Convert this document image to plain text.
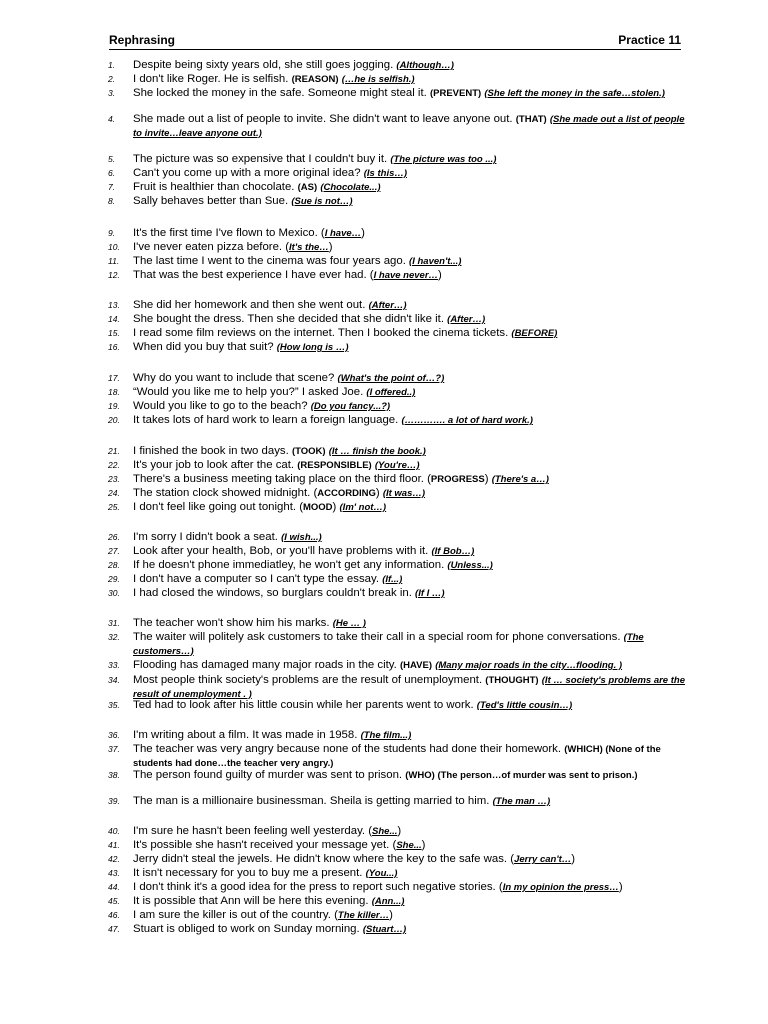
Rephrasing	Practice 11
1.	Despite being sixty years old, she still goes jogging. (Although…)
2.	I don't like Roger. He is selfish. (REASON) (…he is selfish.)
3.	She locked the money in the safe. Someone might steal it. (PREVENT) (She left the money in the safe…stolen.)
4.	She made out a list of people to invite. She didn't want to leave anyone out. (THAT) (She made out a list of people to invite…leave anyone out.)
5.	The picture was so expensive that I couldn't buy it. (The picture was too ...)
6.	Can't you come up with a more original idea? (Is this…)
7.	Fruit is healthier than chocolate. (AS) (Chocolate...)
8.	Sally behaves better than Sue. (Sue is not…)
9.	It's the first time I've flown to Mexico. (I have…)
10.	I've never eaten pizza before. (It's the…)
11.	The last time I went to the cinema was four years ago. (I haven't...)
12.	That was the best experience I have ever had. (I have never…)
13.	She did her homework and then she went out. (After…)
14.	She bought the dress. Then she decided that she didn't like it. (After…)
15.	I read some film reviews on the internet. Then I booked the cinema tickets. (BEFORE)
16.	When did you buy that suit? (How long is …)
17.	Why do you want to include that scene? (What's the point of…?)
18.	“Would you like me to help you?” I asked Joe. (I offered..)
19.	Would you like to go to the beach? (Do you fancy...?)
20.	It takes lots of hard work to learn a foreign language. (…………. a lot of hard work.)
21.	I finished the book in two days. (TOOK) (It … finish the book.)
22.	It's your job to look after the cat. (RESPONSIBLE) (You're…)
23.	There's a business meeting taking place on the third floor. (PROGRESS) (There's a…)
24.	The station clock showed midnight. (ACCORDING) (It was…)
25.	I don't feel like going out tonight. (MOOD) (Im' not…)
26.	I'm sorry I didn't book a seat. (I wish...)
27.	Look after your health, Bob, or you'll have problems with it. (If Bob…)
28.	If he doesn't phone immediatley, he won't get any information. (Unless...)
29.	I don't have a computer so I can't type the essay. (If...)
30.	I had closed the windows, so burglars couldn't break in. (If I …)
31.	The teacher won't show him his marks. (He … )
32.	The waiter will politely ask customers to take their call in a special room for phone conversations. (The customers…)
33.	Flooding has damaged many major roads in the city. (HAVE) (Many major roads in the city…flooding. )
34.	Most people think society's problems are the result of unemployment. (THOUGHT) (It … society's problems are the result of unemployment . )
35.	Ted had to look after his little cousin while her parents went to work. (Ted's little cousin…)
36.	I'm writing about a film. It was made in 1958. (The film...)
37.	The teacher was very angry because none of the students had done their homework. (WHICH) (None of the students had done…the teacher very angry.)
38.	The person found guilty of murder was sent to prison. (WHO) (The person…of murder was sent to prison.)
39.	The man is a millionaire businessman. Sheila is getting married to him. (The man …)
40.	I'm sure he hasn't been feeling well yesterday. (She...)
41.	It's possible she hasn't received your message yet. (She...)
42.	Jerry didn't steal the jewels. He didn't know where the key to the safe was. (Jerry can't…)
43.	It isn't necessary for you to buy me a present. (You...)
44.	I don't think it's a good idea for the press to report such negative stories. (In my opinion the press…)
45.	It is possible that Ann will be here this evening. (Ann...)
46.	I am sure the killer is out of the country. (The killer…)
47.	Stuart is obliged to work on Sunday morning. (Stuart…)
